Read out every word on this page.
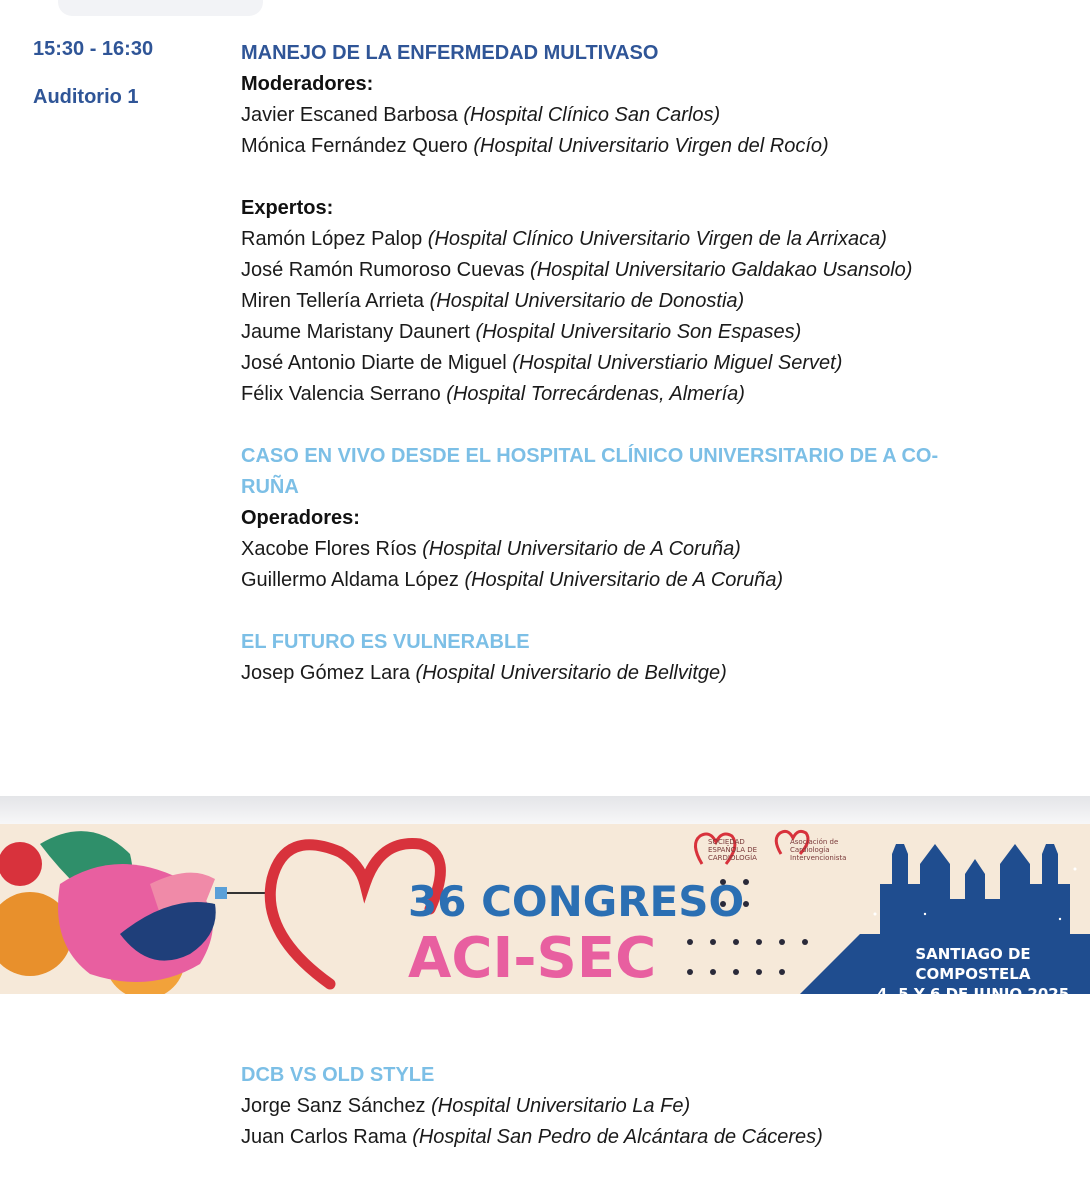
15:30 - 16:30
Auditorio 1
MANEJO DE LA ENFERMEDAD MULTIVASO
Moderadores:
Javier Escaned Barbosa (Hospital Clínico San Carlos)
Mónica Fernández Quero (Hospital Universitario Virgen del Rocío)
Expertos:
Ramón López Palop (Hospital Clínico Universitario Virgen de la Arrixaca)
José Ramón Rumoroso Cuevas (Hospital Universitario Galdakao Usansolo)
Miren Tellería Arrieta (Hospital Universitario de Donostia)
Jaume Maristany Daunert (Hospital Universitario Son Espases)
José Antonio Diarte de Miguel (Hospital Universtiario Miguel Servet)
Félix Valencia Serrano (Hospital Torrecárdenas, Almería)
CASO EN VIVO DESDE EL HOSPITAL CLÍNICO UNIVERSITARIO DE A CO-
RUÑA
Operadores:
Xacobe Flores Ríos (Hospital Universitario de A Coruña)
Guillermo Aldama López (Hospital Universitario de A Coruña)
EL FUTURO ES VULNERABLE
Josep Gómez Lara (Hospital Universitario de Bellvitge)
SOCIEDAD
ESPAÑOLA DE
CARDIOLOGÍA
Asociación de
Cardiología
Intervencionista
36 CONGRESO
ACI-SEC	SANTIAGO DE COMPOSTELA
4, 5 Y 6 DE JUNIO 2025
DCB VS OLD STYLE
Jorge Sanz Sánchez (Hospital Universitario La Fe)
Juan Carlos Rama (Hospital San Pedro de Alcántara de Cáceres)
